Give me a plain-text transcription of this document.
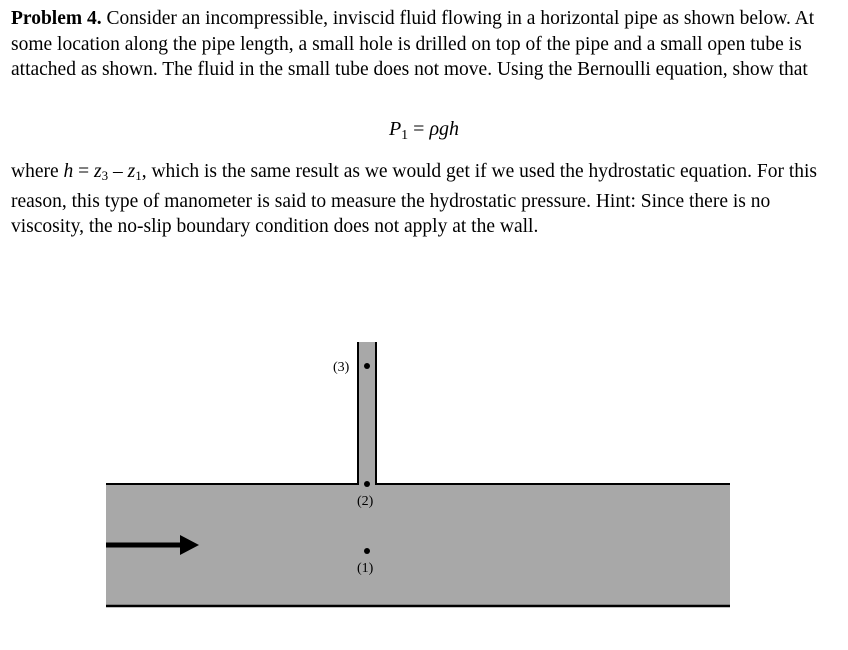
Problem 4. Consider an incompressible, inviscid fluid flowing in a horizontal pipe as shown below. At some location along the pipe length, a small hole is drilled on top of the pipe and a small open tube is attached as shown. The fluid in the small tube does not move. Using the Bernoulli equation, show that
$P_1 = \rho gh$
where h = z3 – z1, which is the same result as we would get if we used the hydrostatic equation. For this reason, this type of manometer is said to measure the hydrostatic pressure. Hint: Since there is no viscosity, the no-slip boundary condition does not apply at the wall.
(3)
(2)
(1)
